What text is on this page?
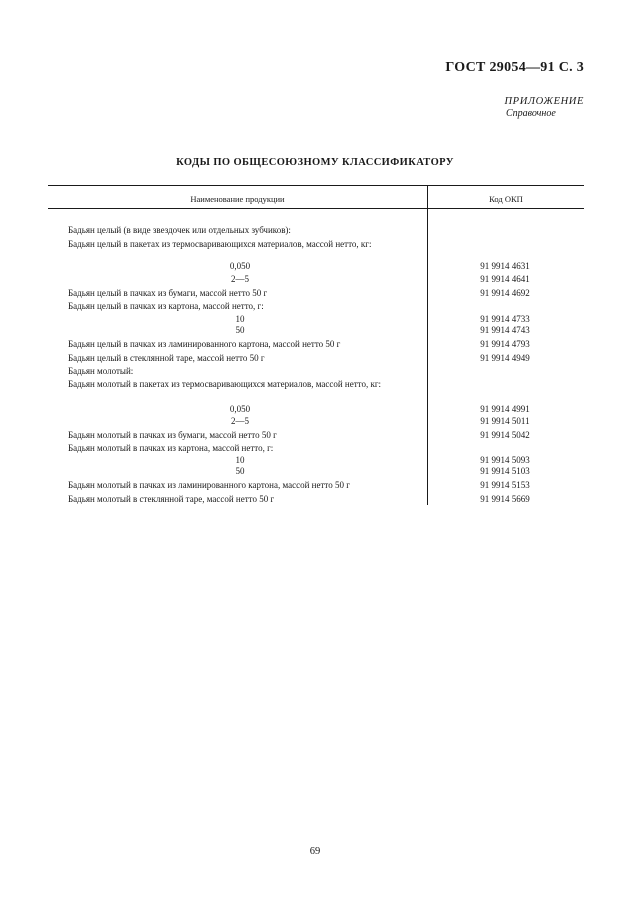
ГОСТ 29054—91 С. 3
ПРИЛОЖЕНИЕ
Справочное
КОДЫ ПО ОБЩЕСОЮЗНОМУ КЛАССИФИКАТОРУ
Наименование продукции	Код ОКП
Бадьян целый (в виде звездочек или отдельных зубчиков):
Бадьян целый в пакетах из термосваривающихся материалов, массой нетто, кг:
0,050	91 9914 4631
2—5	91 9914 4641
Бадьян целый в пачках из бумаги, массой нетто 50 г	91 9914 4692
Бадьян целый в пачках из картона, массой нетто, г:
10	91 9914 4733
50	91 9914 4743
Бадьян целый в пачках из ламинированного картона, массой нетто 50 г	91 9914 4793
Бадьян целый в стеклянной таре, массой нетто 50 г	91 9914 4949
Бадьян молотый:
Бадьян молотый в пакетах из термосваривающихся материалов, массой нетто, кг:
0,050	91 9914 4991
2—5	91 9914 5011
Бадьян молотый в пачках из бумаги, массой нетто 50 г	91 9914 5042
Бадьян молотый в пачках из картона, массой нетто, г:
10	91 9914 5093
50	91 9914 5103
Бадьян молотый в пачках из ламинированного картона, массой нетто 50 г	91 9914 5153
Бадьян молотый в стеклянной таре, массой нетто 50 г	91 9914 5669
69
